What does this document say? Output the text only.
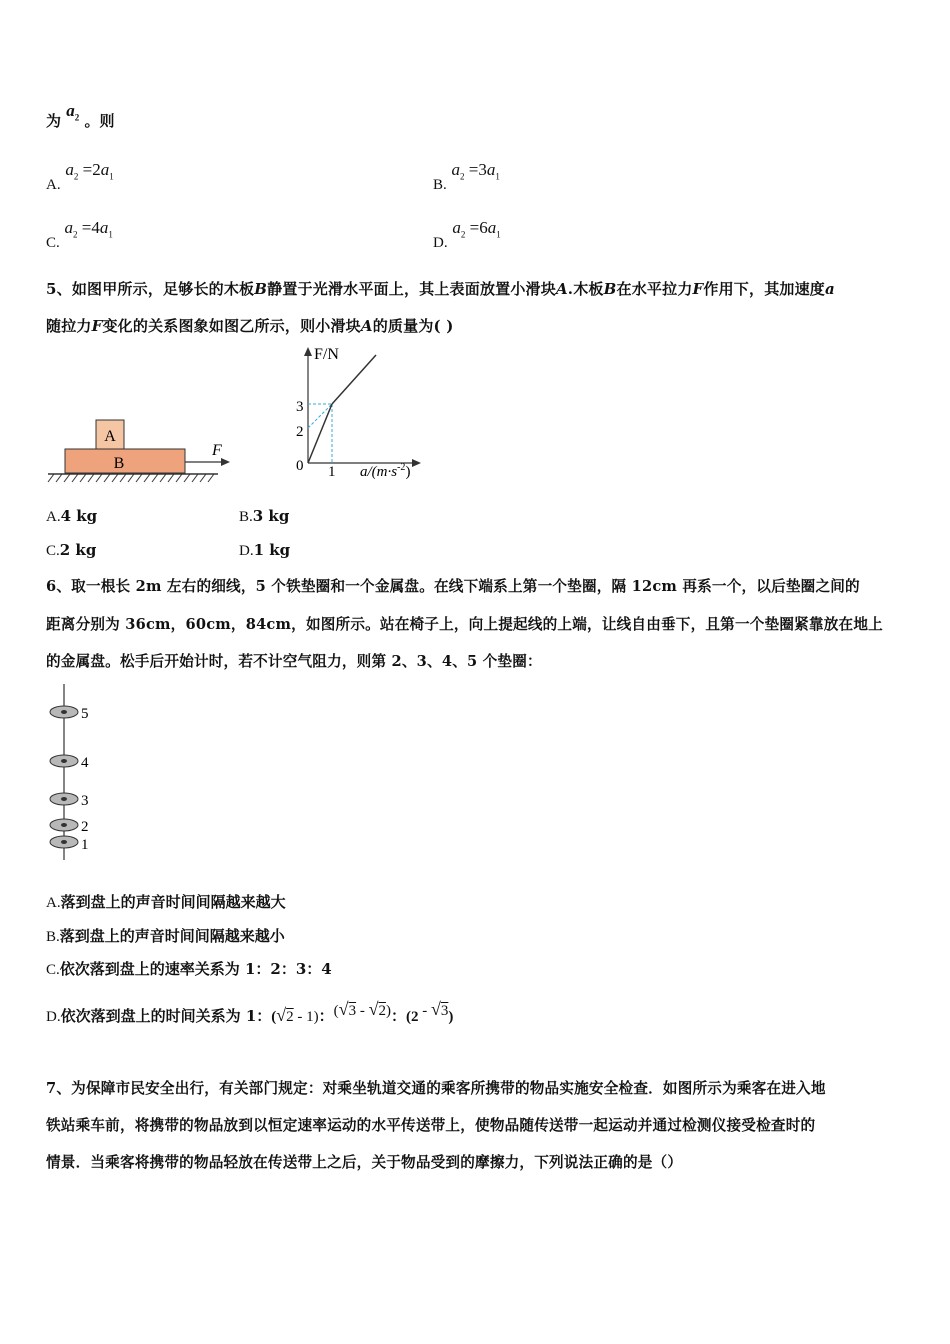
为 $a_2$ 。则
A. $a_2 =2a_1$
B. $a_2 =3a_1$
C. $a_2 =4a_1$
D. $a_2 =6a_1$
5、如图甲所示，足够长的木板B静置于光滑水平面上，其上表面放置小滑块A.木板B在水平拉力F作用下，其加速度a
随拉力F变化的关系图象如图乙所示，则小滑块A的质量为( )
A
B
F
F/N
3
2
0 1 $a/(m\cdot s^{-2})$
A.4 kg	B.3 kg
C.2 kg	D.1 kg
6、取一根长 2m 左右的细线，5 个铁垫圈和一个金属盘。在线下端系上第一个垫圈，隔 12cm 再系一个，以后垫圈之间的
距离分别为 36cm，60cm，84cm，如图所示。站在椅子上，向上提起线的上端，让线自由垂下，且第一个垫圈紧靠放在地上
的金属盘。松手后开始计时，若不计空气阻力，则第 2、3、4、5 个垫圈：
5
4
3
2
1
A.落到盘上的声音时间间隔越来越大
B.落到盘上的声音时间间隔越来越小
C.依次落到盘上的速率关系为 1：2：3：4
D.依次落到盘上的时间关系为 1：(√2 - 1)：(√3 - √2)：(2 - √3)
7、为保障市民安全出行，有关部门规定：对乘坐轨道交通的乘客所携带的物品实施安全检查．如图所示为乘客在进入地
铁站乘车前，将携带的物品放到以恒定速率运动的水平传送带上，使物品随传送带一起运动并通过检测仪接受检查时的
情景．当乘客将携带的物品轻放在传送带上之后，关于物品受到的摩擦力，下列说法正确的是（）
